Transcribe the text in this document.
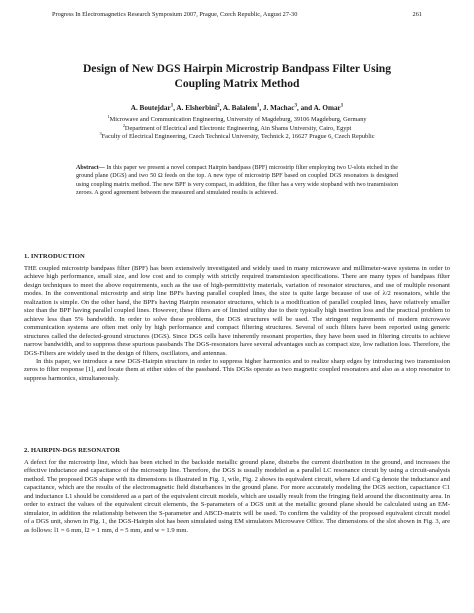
Progress In Electromagnetics Research Symposium 2007, Prague, Czech Republic, August 27-30	261
Design of New DGS Hairpin Microstrip Bandpass Filter Using
Coupling Matrix Method
A. Boutejdar$^1$, A. Elsherbini$^2$, A. Balalem$^1$, J. Machac$^3$, and A. Omar$^1$
$^1$Microwave and Communication Engineering, University of Magdeburg, 39106 Magdeburg, Germany
$^2$Department of Electrical and Electronic Engineering, Ain Shams University, Cairo, Egypt
$^3$Faculty of Electrical Engineering, Czech Technical University, Technick 2, 16627 Prague 6, Czech Republic
Abstract— In this paper we present a novel compact Hairpin bandpass (BPF) microstrip filter employing two U-slots etched in the ground plane (DGS) and two 50 Ω feeds on the top. A new type of microstrip BPF based on coupled DGS resonators is designed using coupling matrix method. The new BPF is very compact, in addition, the filter has a very wide stopband with two transmission zeroes. A good agreement between the measured and simulated results is achieved.
1. INTRODUCTION

THE coupled microstrip bandpass filter (BPF) has been extensively investigated and widely used in many microwave and millimeter-wave systems in order to achieve high performance, small size, and low cost and to comply with strictly required transmission specifications. There are many types of bandpass filter design techniques to meet the above requirements, such as the use of high-permittivity materials, variation of resonator structures, and use of multiple resonant modes. In the conventional microstrip and strip line BPFs having parallel coupled lines, the size is quite large because of use of λ/2 resonators, while the realization is simple. On the other hand, the BPFs having Hairpin resonator structures, which is a modification of parallel coupled lines, have relatively smaller size than the BPF having parallel coupled lines. However, these filters are of limited utility due to their typically high insertion loss and the practical problem to achieve less than 5% bandwidth. In order to solve these problems, the DGS structures will be used. The stringent requirements of modern microwave communication systems are often met only by high performance and compact filtering structures. Several of such filters have been reported using generic structures called the defected-ground structures (DGS). Since DGS cells have inherently resonant properties, they have been used in filtering circuits to achieve narrow bandwidth, and to suppress these spurious passbands The DGS-resonators have several advantages such as compact size, low radiation loss. Therefore, the DGS-Filters are widely used in the design of filters, oscillators, and antennas.

In this paper, we introduce a new DGS-Hairpin structure in order to suppress higher harmonics and to realize sharp edges by introducing two transmission zeros to filter response [1], and locate them at either sides of the passband. This DGSs operate as two magnetic coupled resonators and also as a stop resonator to suppress harmonics, simultaneously.

2. HAIRPIN-DGS RESONATOR

A defect for the microstrip line, which has been etched in the backside metallic ground plane, disturbs the current distribution in the ground, and increases the effective inductance and capacitance of the microstrip line. Therefore, the DGS is usually modeled as a parallel LC resonance circuit by using a circuit-analysis method. The proposed DGS shape with its dimensions is illustrated in Fig. 1, wile, Fig. 2 shows its equivalent circuit, where Ld and Cg denote the inductance and capacitance, which are the results of the electromagnetic field disturbances in the ground plane. For more accurately modeling the DGS section, capacitance C1 and inductance L1 should be considered as a part of the equivalent circuit models, which are usually result from the fringing field around the discontinuity area. In order to extract the values of the equivalent circuit elements, the S-parameters of a DGS unit at the metallic ground plane should be calculated using an EM-simulator, in addition the relationship between the S-parameter and ABCD-matrix will be used. To confirm the validity of the proposed equivalent circuit model of a DGS unit, shown in Fig. 1, the DGS-Hairpin slot has been simulated using EM simulators Microwave Office. The dimensions of the slot shown in Fig. 3, are as follows: l1 = 6 mm, l2 = 1 mm, d = 5 mm, and w = 1.9 mm.
